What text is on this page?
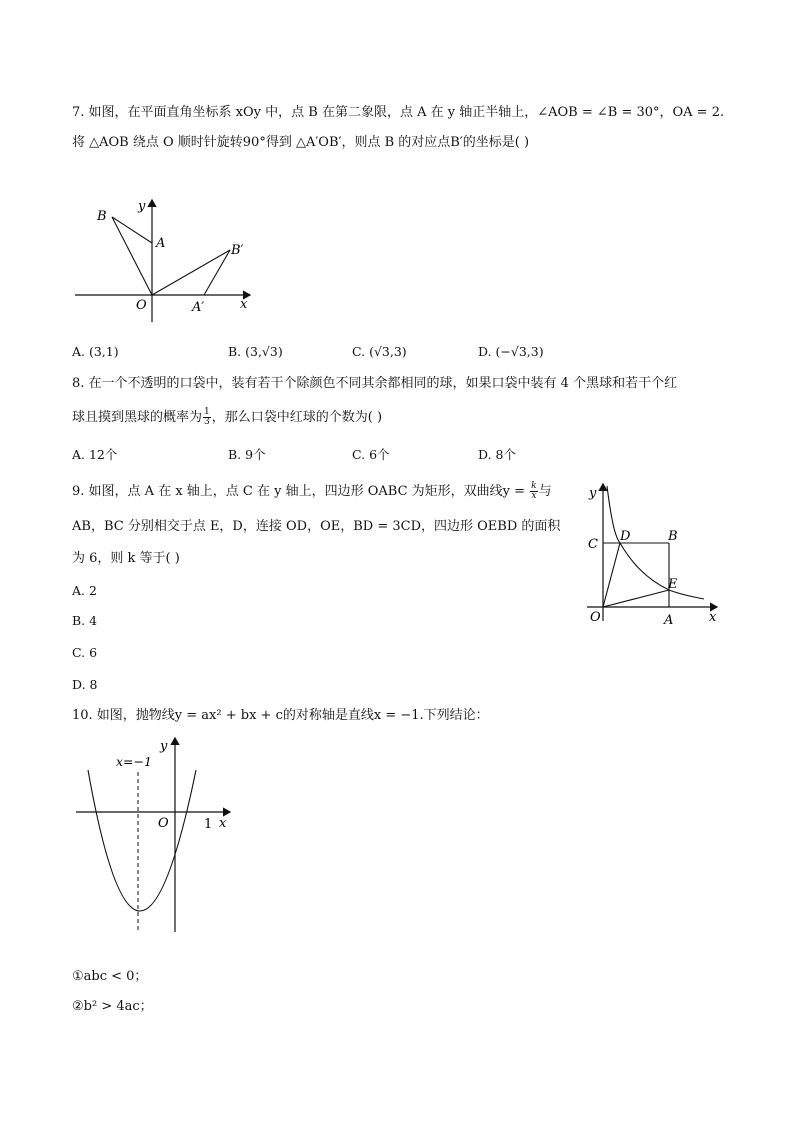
7. 如图，在平面直角坐标系 xOy 中，点 B 在第二象限，点 A 在 y 轴正半轴上，∠AOB = ∠B = 30°，OA = 2.
将 △AOB 绕点 O 顺时针旋转90°得到 △A′OB′，则点 B 的对应点B′的坐标是( )
B
y
A	B′
O	A′	x
A. (3,1)	B. (3,√3)	C. (√3,3)	D. (−√3,3)
8. 在一个不透明的口袋中，装有若干个除颜色不同其余都相同的球，如果口袋中装有 4 个黑球和若干个红
球且摸到黑球的概率为 $\frac{1}{3}$ ，那么口袋中红球的个数为( )
A. 12个	B. 9个	C. 6个	D. 8个
9. 如图，点 A 在 x 轴上，点 C 在 y 轴上，四边形 OABC 为矩形，双曲线$y = \frac{k}{x}$ 与
AB，BC 分别相交于点 E，D，连接 OD，OE，BD = 3CD，四边形 OEBD 的面积
为 6，则 k 等于( )
A. 2
B. 4
C. 6
D. 8
y
C
D	B
E
O	A	x
10. 如图，抛物线y = ax² + bx + c的对称轴是直线x = −1.下列结论：
x=−1
y
O	1 x
①abc < 0；
②b² > 4ac；
